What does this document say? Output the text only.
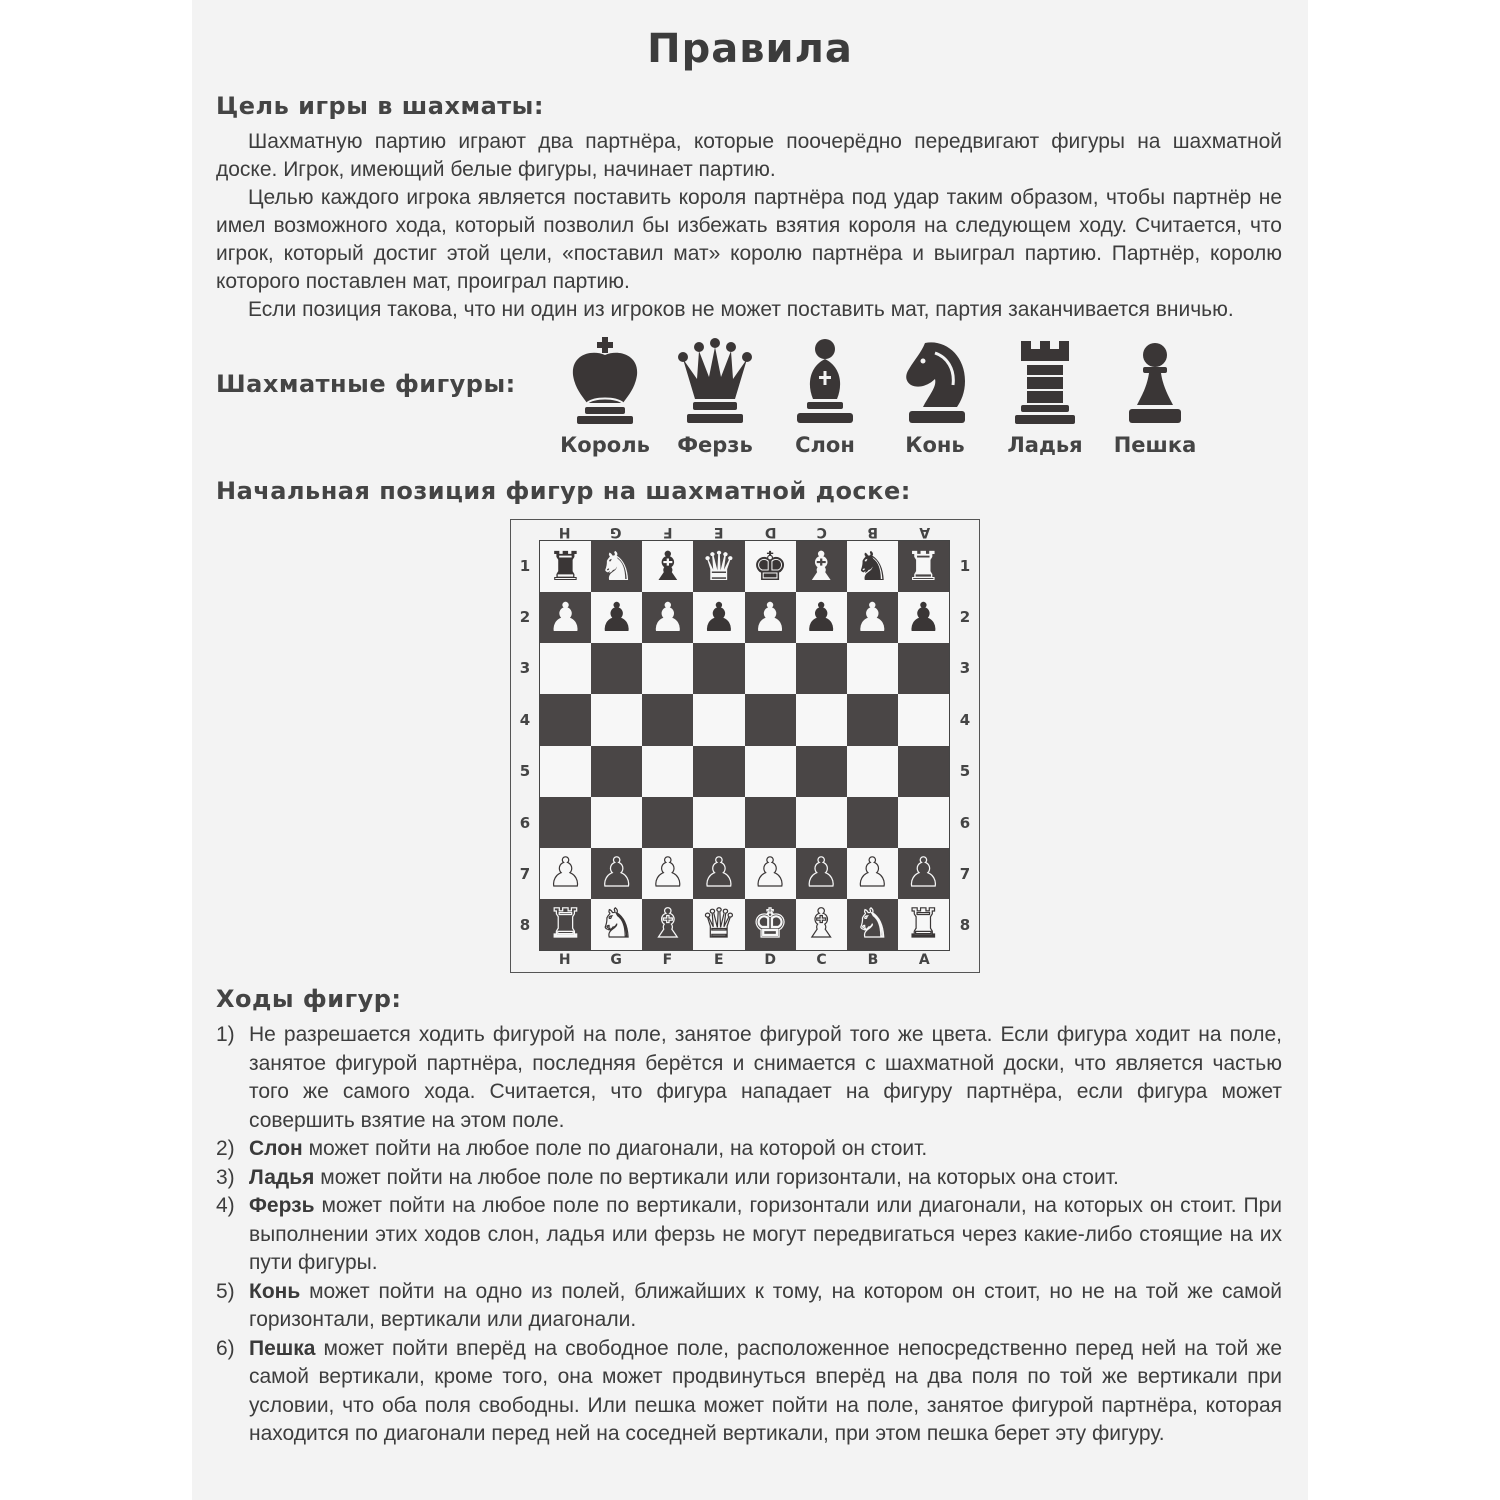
Правила
Цель игры в шахматы:

Шахматную партию играют два партнёра, которые поочерёдно передвигают фигуры на шахматной доске. Игрок, имеющий белые фигуры, начинает партию.

Целью каждого игрока является поставить короля партнёра под удар таким образом, чтобы партнёр не имел возможного хода, который позволил бы избежать взятия короля на следующем ходу. Считается, что игрок, который достиг этой цели, «поставил мат» королю партнёра и выиграл партию. Партнёр, королю которого поставлен мат, проиграл партию.

Если позиция такова, что ни один из игроков не может поставить мат, партия заканчивается вничью.

Шахматные фигуры:
Король	Ферзь	Слон	Конь	Ладья	Пешка
Начальная позиция фигур на шахматной доске:
H	G	F	E	D	C	B	A
1
2
3
4
5
6
7
8
♜ ♞ ♝ ♛ ♚ ♝ ♞ ♜
♟ ♟ ♟ ♟ ♟ ♟ ♟ ♟
♟ ♟ ♟ ♟ ♟ ♟ ♟ ♟
♜ ♞ ♝ ♛ ♚ ♝ ♞ ♜
1
2
3
4
5
6
7
8
H	G	F	E	D	C	B	A
Ходы фигур:
1) Не разрешается ходить фигурой на поле, занятое фигурой того же цвета. Если фигура ходит на поле, занятое фигурой партнёра, последняя берётся и снимается с шахматной доски, что является частью того же самого хода. Считается, что фигура нападает на фигуру партнёра, если фигура может совершить взятие на этом поле.
2) Слон может пойти на любое поле по диагонали, на которой он стоит.
3) Ладья может пойти на любое поле по вертикали или горизонтали, на которых она стоит.
4) Ферзь может пойти на любое поле по вертикали, горизонтали или диагонали, на которых он стоит. При выполнении этих ходов слон, ладья или ферзь не могут передвигаться через какие-либо стоящие на их пути фигуры.
5) Конь может пойти на одно из полей, ближайших к тому, на котором он стоит, но не на той же самой горизонтали, вертикали или диагонали.
6) Пешка может пойти вперёд на свободное поле, расположенное непосредственно перед ней на той же самой вертикали, кроме того, она может продвинуться вперёд на два поля по той же вертикали при условии, что оба поля свободны. Или пешка может пойти на поле, занятое фигурой партнёра, которая находится по диагонали перед ней на соседней вертикали, при этом пешка берет эту фигуру.
